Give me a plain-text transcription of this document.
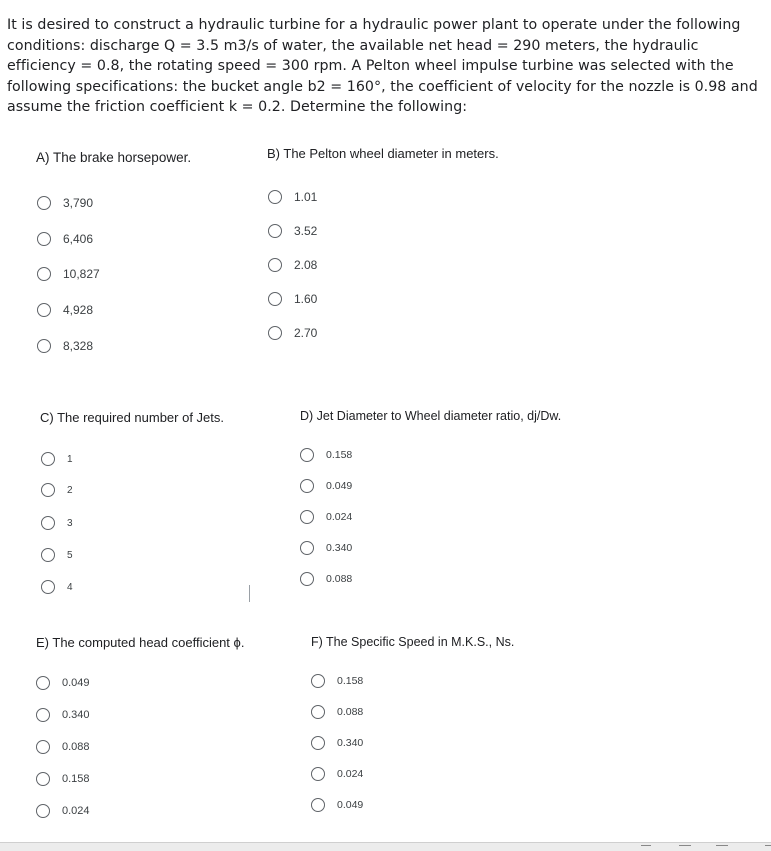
It is desired to construct a hydraulic turbine for a hydraulic power plant to operate under the following conditions: discharge Q = 3.5 m3/s of water, the available net head = 290 meters, the hydraulic efficiency = 0.8, the rotating speed = 300 rpm. A Pelton wheel impulse turbine was selected with the following specifications: the bucket angle b2 = 160°, the coefficient of velocity for the nozzle is 0.98 and assume the friction coefficient k = 0.2. Determine the following:

A) The brake horsepower.
3,790
6,406
10,827
4,928
8,328
B) The Pelton wheel diameter in meters.
1.01
3.52
2.08
1.60
2.70
C) The required number of Jets.
1
2
3
5
4
D) Jet Diameter to Wheel diameter ratio, dj/Dw.
0.158
0.049
0.024
0.340
0.088
E) The computed head coefficient ϕ.
0.049
0.340
0.088
0.158
0.024
F) The Specific Speed in M.K.S., Ns.
0.158
0.088
0.340
0.024
0.049
